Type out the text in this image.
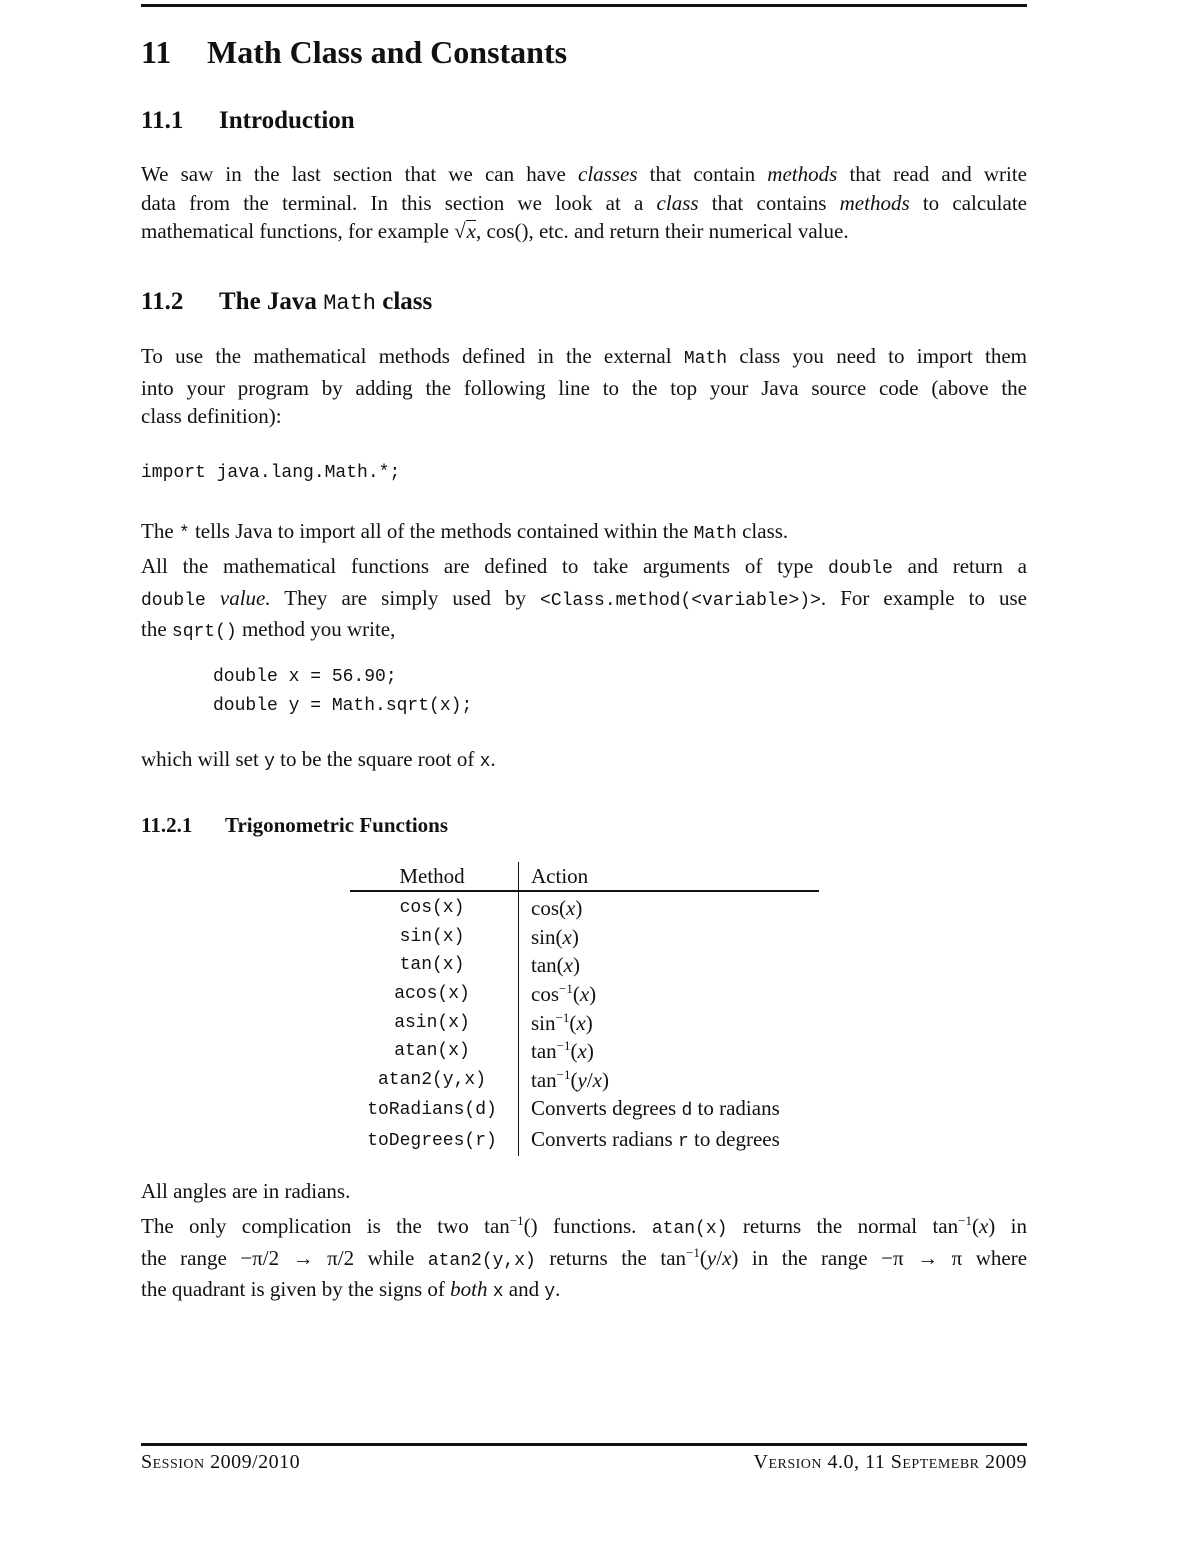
11 Math Class and Constants
11.1 Introduction
We saw in the last section that we can have classes that contain methods that read and write
data from the terminal. In this section we look at a class that contains methods to calculate
mathematical functions, for example √x, cos(), etc. and return their numerical value.
11.2 The Java Math class
To use the mathematical methods defined in the external Math class you need to import them
into your program by adding the following line to the top your Java source code (above the
class definition):
import java.lang.Math.*;
The * tells Java to import all of the methods contained within the Math class.
All the mathematical functions are defined to take arguments of type double and return a
double value. They are simply used by <Class.method(<variable>)>. For example to use
the sqrt() method you write,
double x = 56.90;
double y = Math.sqrt(x);
which will set y to be the square root of x.
11.2.1 Trigonometric Functions
Method	Action
cos(x)	cos(x)
sin(x)	sin(x)
tan(x)	tan(x)
acos(x)	$\cos^{-1}(x)$
asin(x)	$\sin^{-1}(x)$
atan(x)	$\tan^{-1}(x)$
atan2(y,x)	$\tan^{-1}(y/x)$
toRadians(d)	Converts degrees d to radians
toDegrees(r)	Converts radians r to degrees
All angles are in radians.
The only complication is the two $\tan^{-1}()$ functions. atan(x) returns the normal $\tan^{-1}(x)$ in
the range −π/2 → π/2 while atan2(y,x) returns the $\tan^{-1}(y/x)$ in the range −π → π where
the quadrant is given by the signs of both x and y.
Session 2009/2010	Version 4.0, 11 Septemebr 2009
